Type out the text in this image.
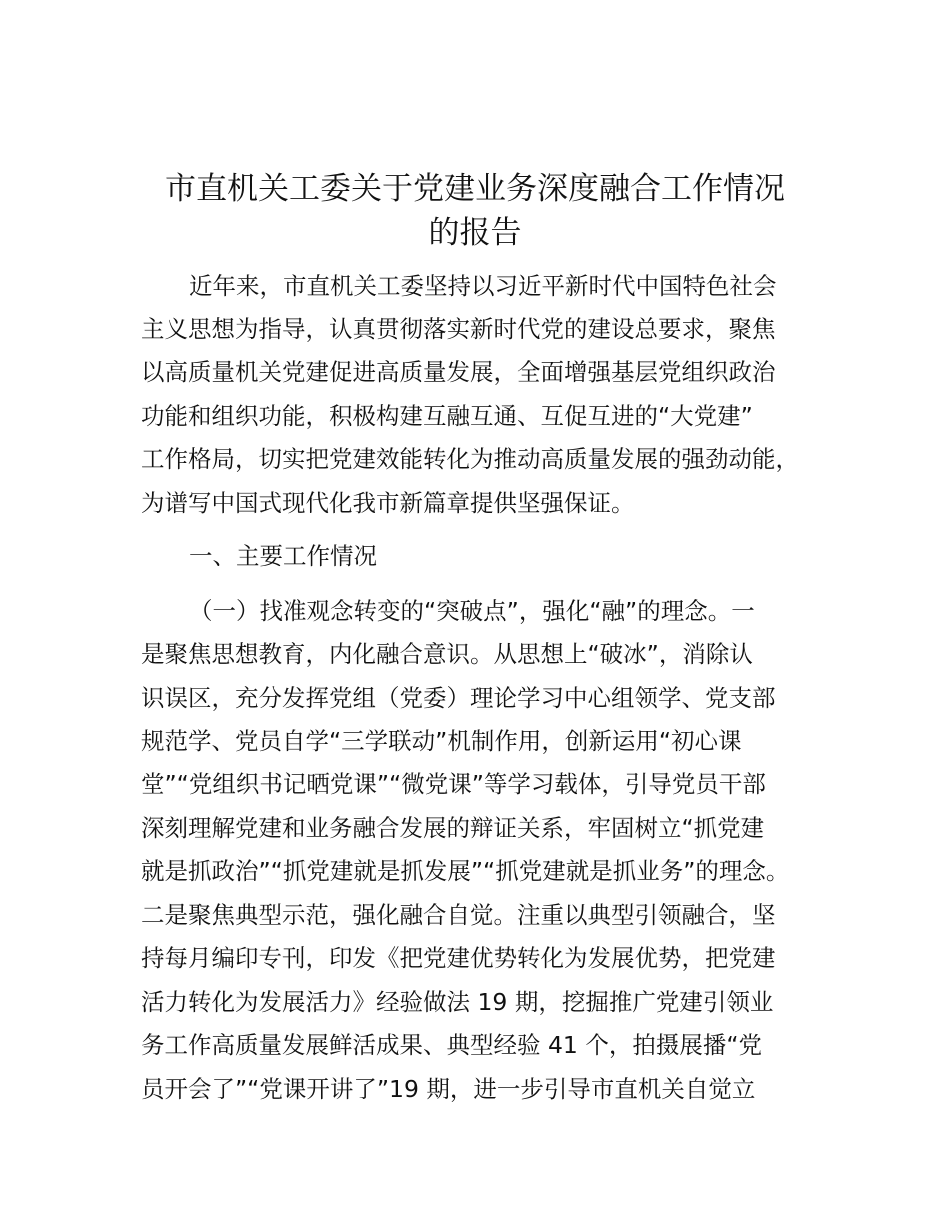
市直机关工委关于党建业务深度融合工作情况
的报告

近年来，市直机关工委坚持以习近平新时代中国特色社会

主义思想为指导，认真贯彻落实新时代党的建设总要求，聚焦

以高质量机关党建促进高质量发展，全面增强基层党组织政治

功能和组织功能，积极构建互融互通、互促互进的“大党建”

工作格局，切实把党建效能转化为推动高质量发展的强劲动能，

为谱写中国式现代化我市新篇章提供坚强保证。

一、主要工作情况

（一）找准观念转变的“突破点”，强化“融”的理念。一

是聚焦思想教育，内化融合意识。从思想上“破冰”，消除认

识误区，充分发挥党组（党委）理论学习中心组领学、党支部

规范学、党员自学“三学联动”机制作用，创新运用“初心课

堂”“党组织书记晒党课”“微党课”等学习载体，引导党员干部

深刻理解党建和业务融合发展的辩证关系，牢固树立“抓党建

就是抓政治”“抓党建就是抓发展”“抓党建就是抓业务”的理念。

二是聚焦典型示范，强化融合自觉。注重以典型引领融合，坚

持每月编印专刊，印发《把党建优势转化为发展优势，把党建

活力转化为发展活力》经验做法 19 期，挖掘推广党建引领业

务工作高质量发展鲜活成果、典型经验 41 个，拍摄展播“党

员开会了”“党课开讲了”19 期，进一步引导市直机关自觉立
